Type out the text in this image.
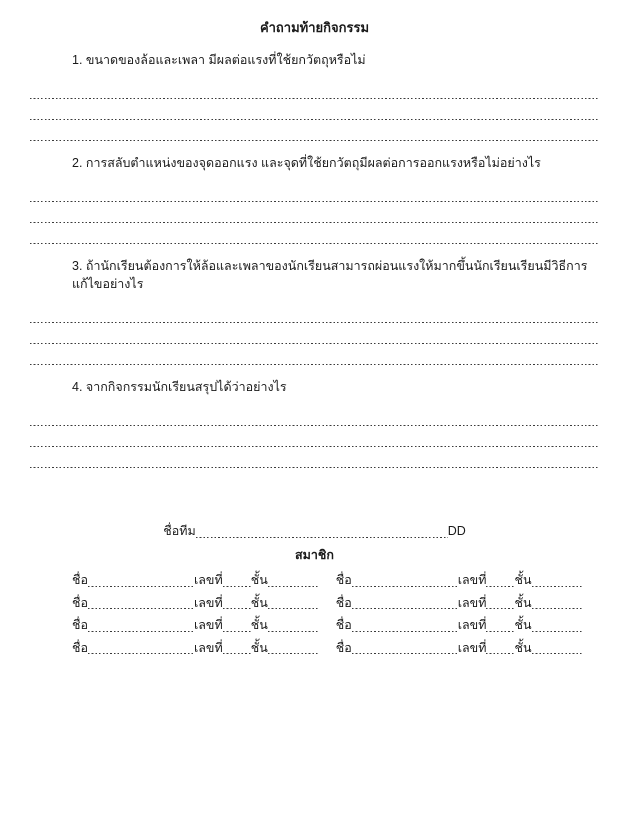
คำถามท้ายกิจกรรม
1. ขนาดของล้อและเพลา มีผลต่อแรงที่ใช้ยกวัตถุหรือไม่
2. การสลับตำแหน่งของจุดออกแรง และจุดที่ใช้ยกวัตถุมีผลต่อการออกแรงหรือไม่อย่างไร
3. ถ้านักเรียนต้องการให้ล้อและเพลาของนักเรียนสามารถผ่อนแรงให้มากขึ้นนักเรียนเรียนมีวิธีการแก้ไขอย่างไร
4. จากกิจกรรมนักเรียนสรุปได้ว่าอย่างไร
ชื่อทีม	DD
สมาชิก
ชื่อ	เลขที่ ชั้น	ชื่อ	เลขที่ ชั้น
ชื่อ	เลขที่ ชั้น	ชื่อ	เลขที่ ชั้น
ชื่อ	เลขที่ ชั้น	ชื่อ	เลขที่ ชั้น
ชื่อ	เลขที่ ชั้น	ชื่อ	เลขที่ ชั้น
